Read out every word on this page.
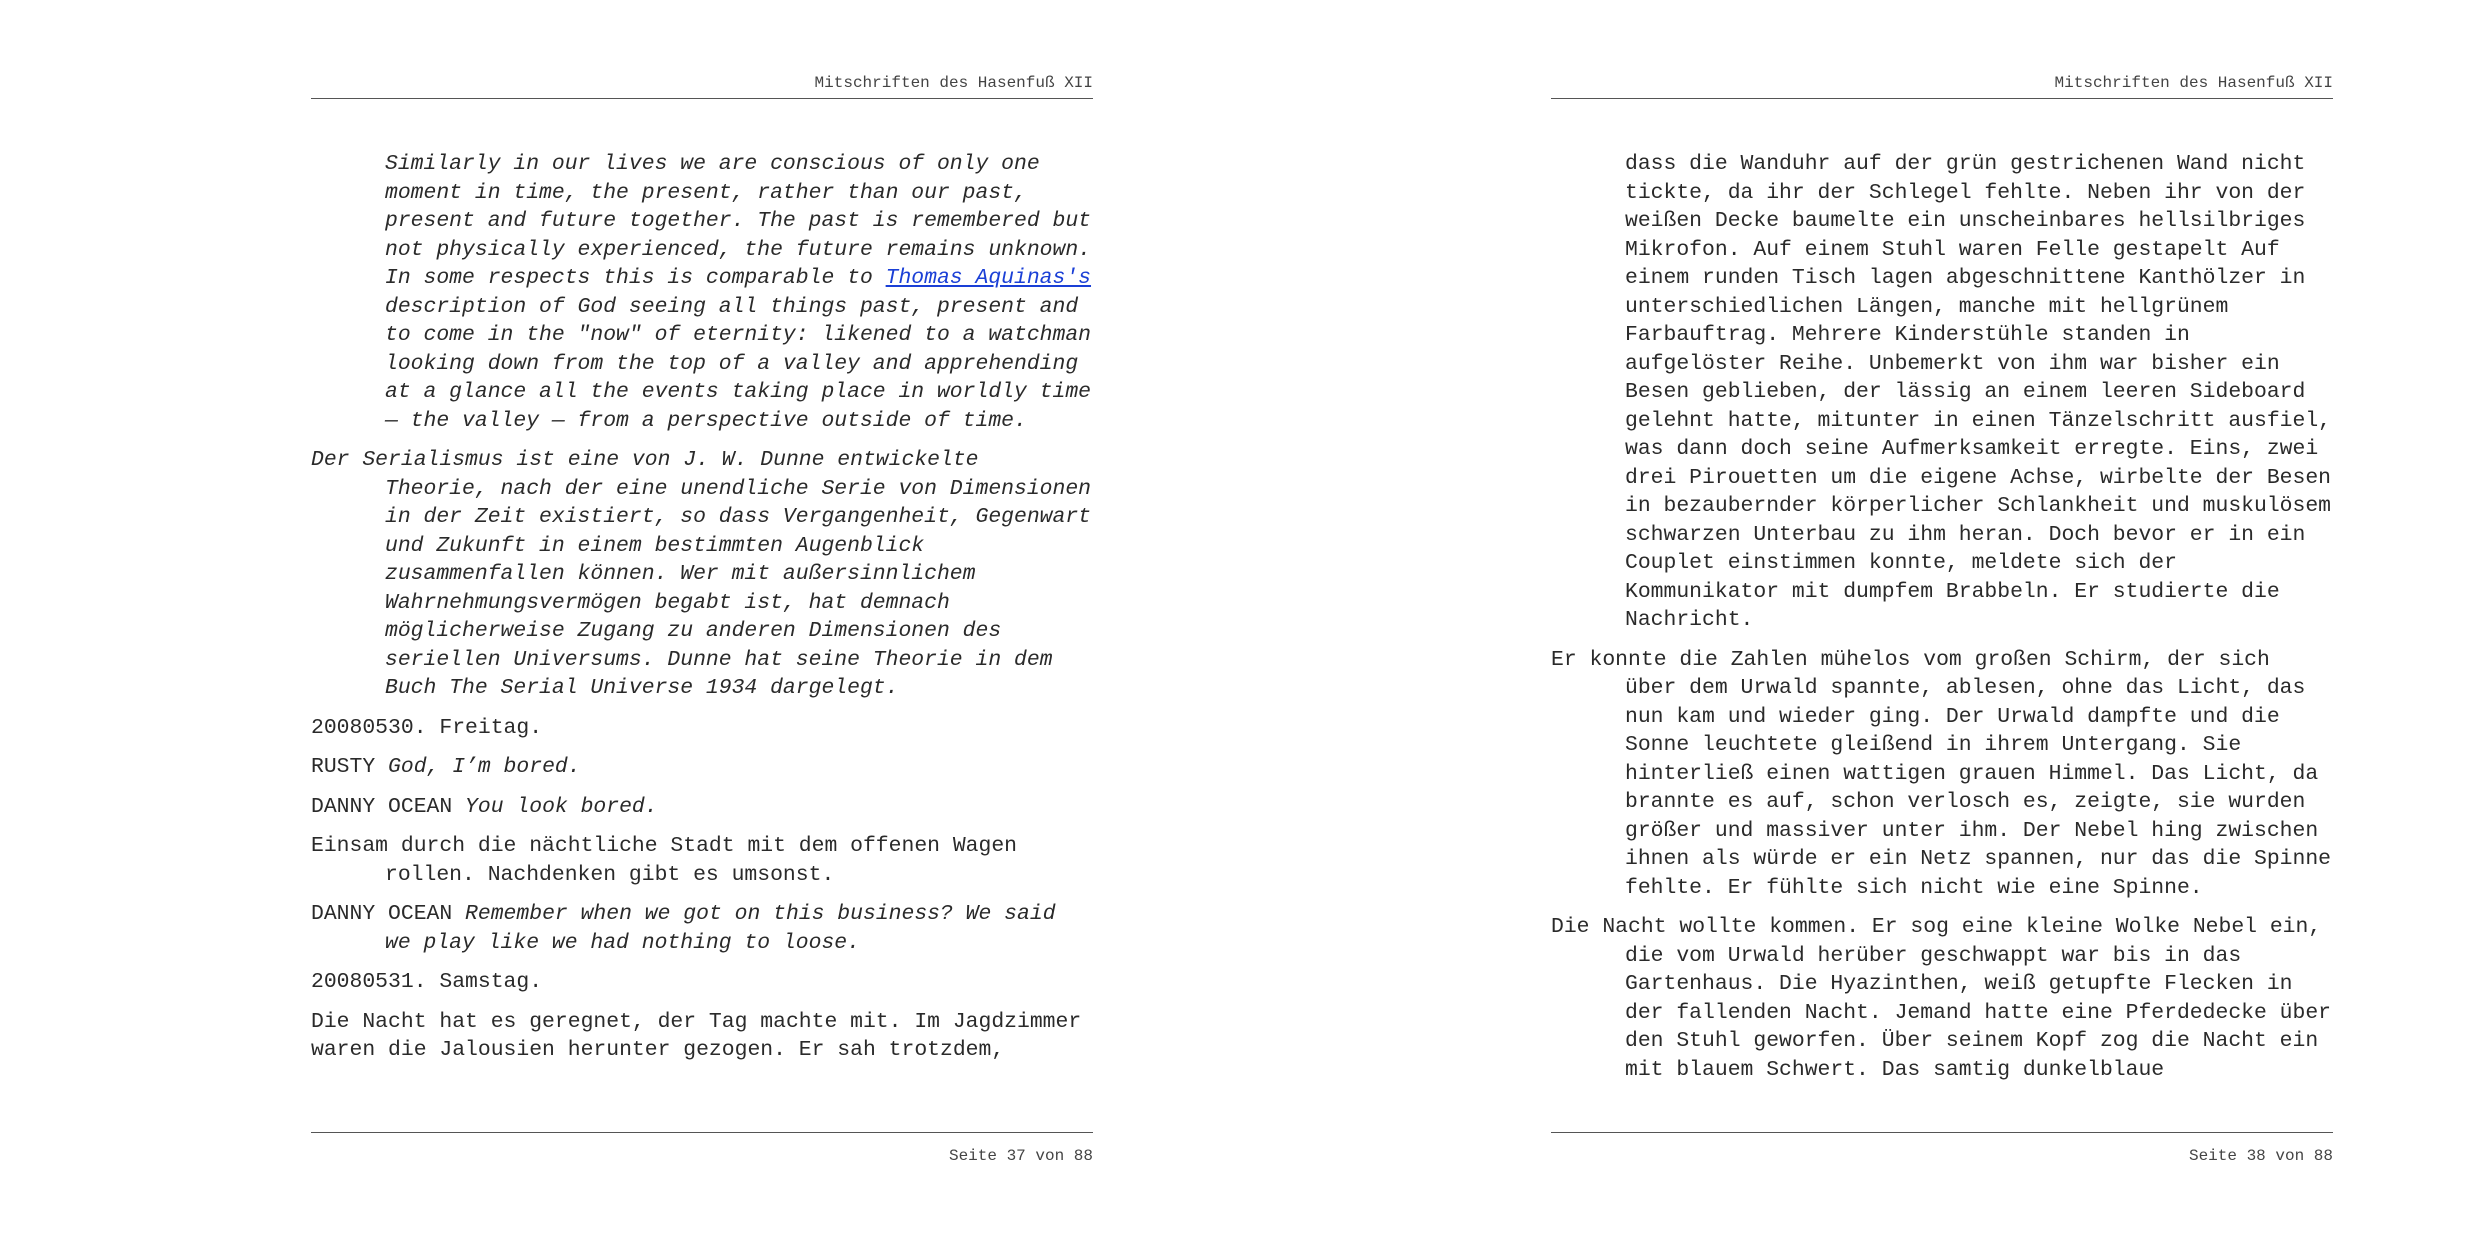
Mitschriften des Hasenfuß XII

Similarly in our lives we are conscious of only one moment in time, the present, rather than our past, present and future together. The past is remembered but not physically experienced, the future remains unknown. In some respects this is comparable to Thomas Aquinas's description of God seeing all things past, present and to come in the "now" of eternity: likened to a watchman looking down from the top of a valley and apprehending at a glance all the events taking place in worldly time — the valley — from a perspective outside of time.

Der Serialismus ist eine von J. W. Dunne entwickelte Theorie, nach der eine unendliche Serie von Dimensionen in der Zeit existiert, so dass Vergangenheit, Gegenwart und Zukunft in einem bestimmten Augenblick zusammenfallen können. Wer mit außersinnlichem Wahrnehmungsvermögen begabt ist, hat demnach möglicherweise Zugang zu anderen Dimensionen des seriellen Universums. Dunne hat seine Theorie in dem Buch The Serial Universe 1934 dargelegt.

20080530. Freitag.

RUSTY God, I’m bored.

DANNY OCEAN You look bored.

Einsam durch die nächtliche Stadt mit dem offenen Wagen rollen. Nachdenken gibt es umsonst.

DANNY OCEAN Remember when we got on this business? We said we play like we had nothing to loose.

20080531. Samstag.

Die Nacht hat es geregnet, der Tag machte mit. Im Jagdzimmer
waren die Jalousien herunter gezogen. Er sah trotzdem,

Seite 37 von 88
Mitschriften des Hasenfuß XII

dass die Wanduhr auf der grün gestrichenen Wand nicht tickte, da ihr der Schlegel fehlte. Neben ihr von der weißen Decke baumelte ein unscheinbares hellsilbriges Mikrofon. Auf einem Stuhl waren Felle gestapelt Auf einem runden Tisch lagen abgeschnittene Kanthölzer in unterschiedlichen Längen, manche mit hellgrünem Farbauftrag. Mehrere Kinderstühle standen in aufgelöster Reihe. Unbemerkt von ihm war bisher ein Besen geblieben, der lässig an einem leeren Sideboard gelehnt hatte, mitunter in einen Tänzelschritt ausfiel, was dann doch seine Aufmerksamkeit erregte. Eins, zwei drei Pirouetten um die eigene Achse, wirbelte der Besen in bezaubernder körperlicher Schlankheit und muskulösem schwarzen Unterbau zu ihm heran. Doch bevor er in ein Couplet einstimmen konnte, meldete sich der Kommunikator mit dumpfem Brabbeln. Er studierte die Nachricht.

Er konnte die Zahlen mühelos vom großen Schirm, der sich über dem Urwald spannte, ablesen, ohne das Licht, das nun kam und wieder ging. Der Urwald dampfte und die Sonne leuchtete gleißend in ihrem Untergang. Sie hinterließ einen wattigen grauen Himmel. Das Licht, da brannte es auf, schon verlosch es, zeigte, sie wurden größer und massiver unter ihm. Der Nebel hing zwischen ihnen als würde er ein Netz spannen, nur das die Spinne fehlte. Er fühlte sich nicht wie eine Spinne.

Die Nacht wollte kommen. Er sog eine kleine Wolke Nebel ein, die vom Urwald herüber geschwappt war bis in das Gartenhaus. Die Hyazinthen, weiß getupfte Flecken in der fallenden Nacht. Jemand hatte eine Pferdedecke über den Stuhl geworfen. Über seinem Kopf zog die Nacht ein mit blauem Schwert. Das samtig dunkelblaue

Seite 38 von 88
